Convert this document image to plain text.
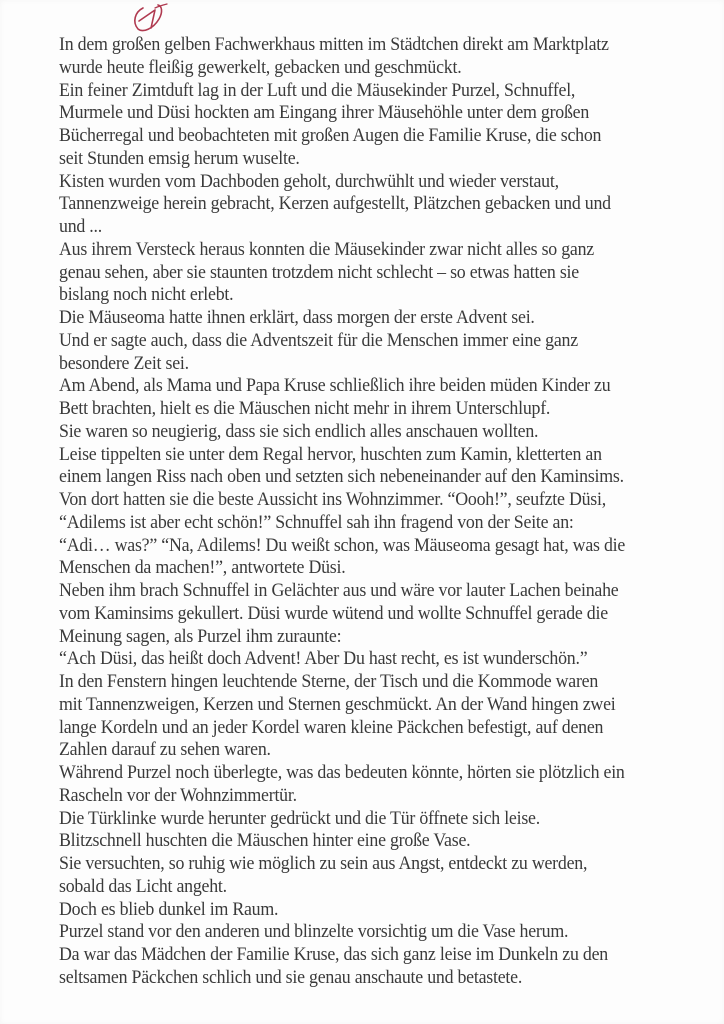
In dem großen gelben Fachwerkhaus mitten im Städtchen direkt am Marktplatz
wurde heute fleißig gewerkelt, gebacken und geschmückt.
Ein feiner Zimtduft lag in der Luft und die Mäusekinder Purzel, Schnuffel,
Murmele und Düsi hockten am Eingang ihrer Mäusehöhle unter dem großen
Bücherregal und beobachteten mit großen Augen die Familie Kruse, die schon
seit Stunden emsig herum wuselte.
Kisten wurden vom Dachboden geholt, durchwühlt und wieder verstaut,
Tannenzweige herein gebracht, Kerzen aufgestellt, Plätzchen gebacken und und
und ...
Aus ihrem Versteck heraus konnten die Mäusekinder zwar nicht alles so ganz
genau sehen, aber sie staunten trotzdem nicht schlecht – so etwas hatten sie
bislang noch nicht erlebt.
Die Mäuseoma hatte ihnen erklärt, dass morgen der erste Advent sei.
Und er sagte auch, dass die Adventszeit für die Menschen immer eine ganz
besondere Zeit sei.
Am Abend, als Mama und Papa Kruse schließlich ihre beiden müden Kinder zu
Bett brachten, hielt es die Mäuschen nicht mehr in ihrem Unterschlupf.
Sie waren so neugierig, dass sie sich endlich alles anschauen wollten.
Leise tippelten sie unter dem Regal hervor, huschten zum Kamin, kletterten an
einem langen Riss nach oben und setzten sich nebeneinander auf den Kaminsims.
Von dort hatten sie die beste Aussicht ins Wohnzimmer. “Oooh!”, seufzte Düsi,
“Adilems ist aber echt schön!” Schnuffel sah ihn fragend von der Seite an:
“Adi… was?” “Na, Adilems! Du weißt schon, was Mäuseoma gesagt hat, was die
Menschen da machen!”, antwortete Düsi.
Neben ihm brach Schnuffel in Gelächter aus und wäre vor lauter Lachen beinahe
vom Kaminsims gekullert. Düsi wurde wütend und wollte Schnuffel gerade die
Meinung sagen, als Purzel ihm zuraunte:
“Ach Düsi, das heißt doch Advent! Aber Du hast recht, es ist wunderschön.”
In den Fenstern hingen leuchtende Sterne, der Tisch und die Kommode waren
mit Tannenzweigen, Kerzen und Sternen geschmückt. An der Wand hingen zwei
lange Kordeln und an jeder Kordel waren kleine Päckchen befestigt, auf denen
Zahlen darauf zu sehen waren.
Während Purzel noch überlegte, was das bedeuten könnte, hörten sie plötzlich ein
Rascheln vor der Wohnzimmertür.
Die Türklinke wurde herunter gedrückt und die Tür öffnete sich leise.
Blitzschnell huschten die Mäuschen hinter eine große Vase.
Sie versuchten, so ruhig wie möglich zu sein aus Angst, entdeckt zu werden,
sobald das Licht angeht.
Doch es blieb dunkel im Raum.
Purzel stand vor den anderen und blinzelte vorsichtig um die Vase herum.
Da war das Mädchen der Familie Kruse, das sich ganz leise im Dunkeln zu den
seltsamen Päckchen schlich und sie genau anschaute und betastete.
